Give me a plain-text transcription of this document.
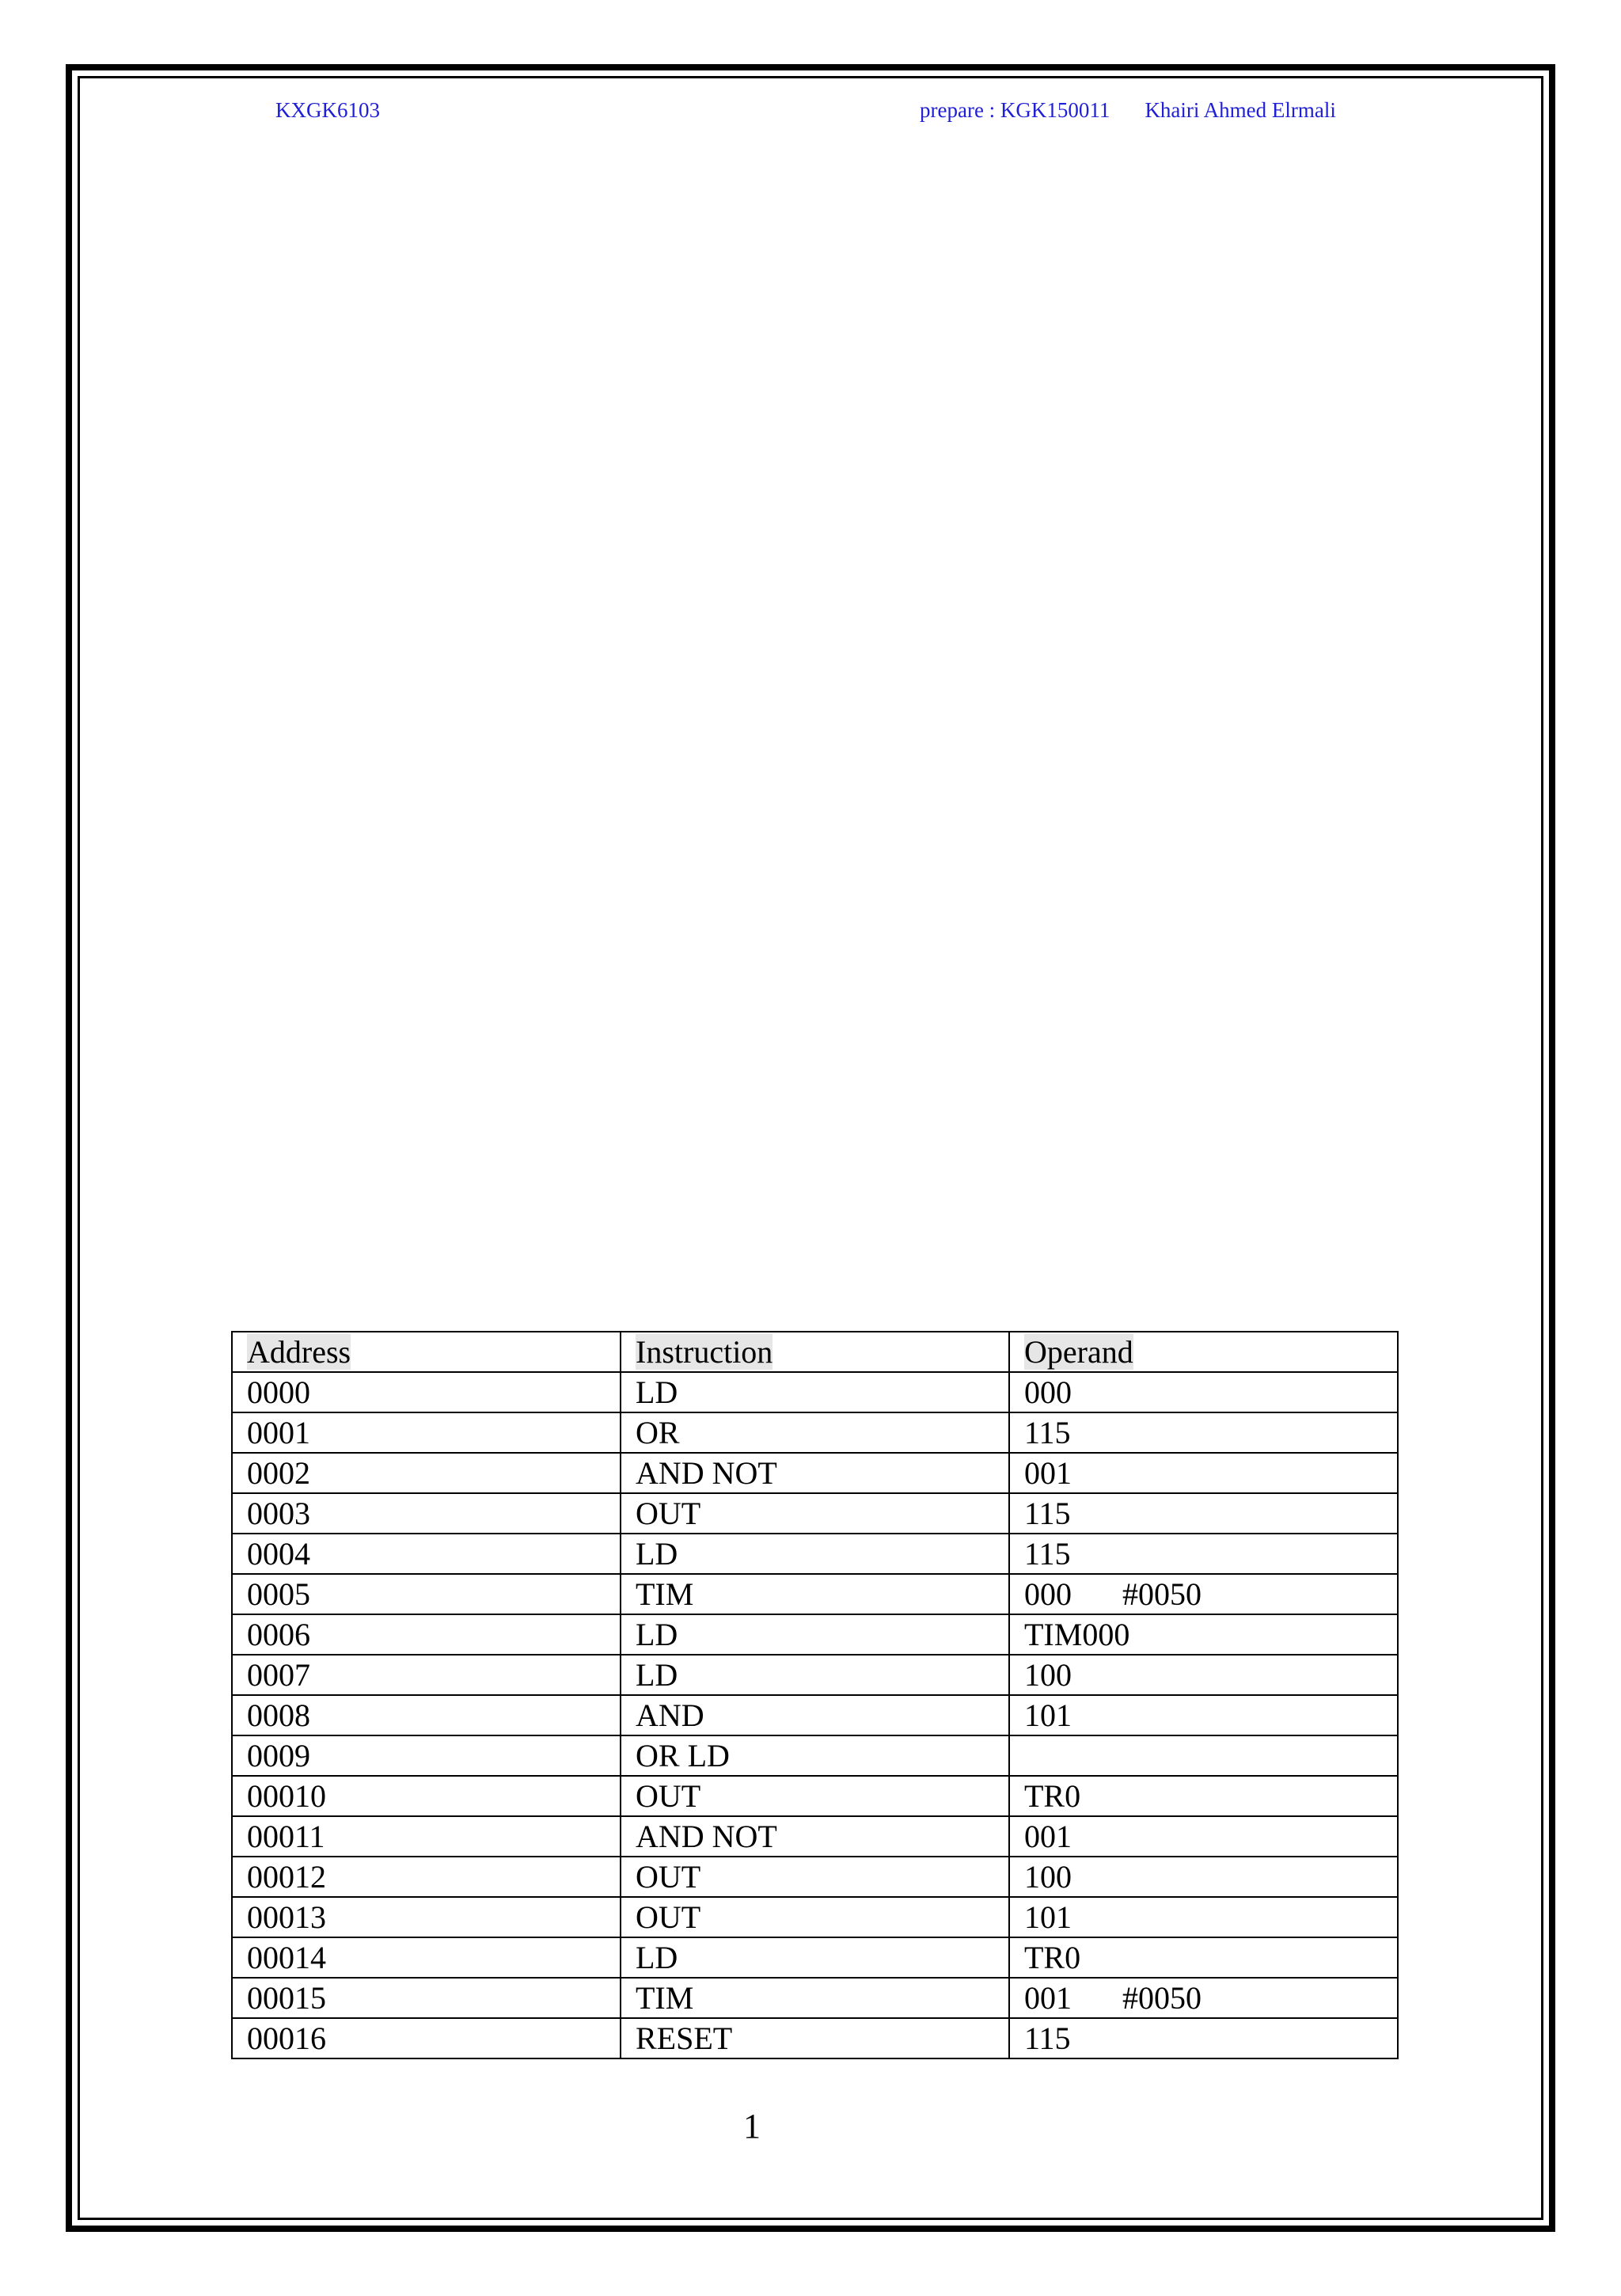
KXGK6103	prepare : KGK150011 Khairi Ahmed Elrmali
Address	Instruction	Operand
0000	LD	000
0001	OR	115
0002	AND NOT	001
0003	OUT	115
0004	LD	115
0005	TIM	000 #0050
0006	LD	TIM000
0007	LD	100
0008	AND	101
0009	OR LD	
00010	OUT	TR0
00011	AND NOT	001
00012	OUT	100
00013	OUT	101
00014	LD	TR0
00015	TIM	001 #0050
00016	RESET	115
1
